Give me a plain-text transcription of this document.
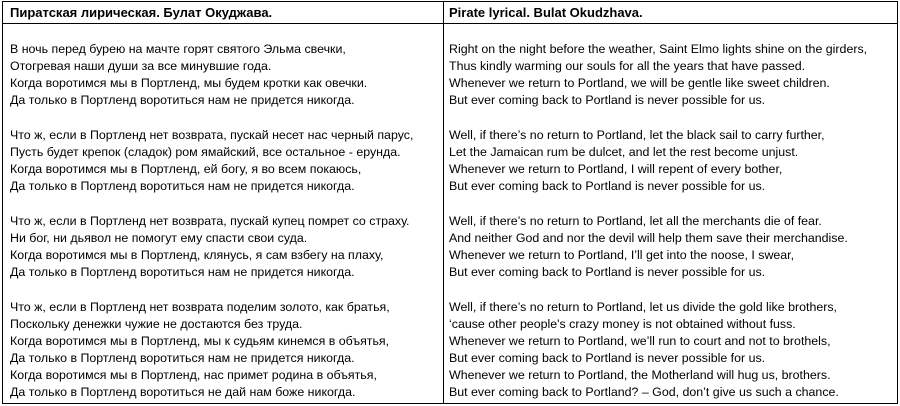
Пиратская лирическая. Булат Окуджава.
В ночь перед бурею на мачте горят святого Эльма свечки,
Отогревая наши души за все минувшие года.
Когда воротимся мы в Портленд, мы будем кротки как овечки.
Да только в Портленд воротиться нам не придется никогда.
Что ж, если в Портленд нет возврата, пускай несет нас черный парус,
Пусть будет крепок (сладок) ром ямайский, все остальное - ерунда.
Когда воротимся мы в Портленд, ей богу, я во всем покаюсь,
Да только в Портленд воротиться нам не придется никогда.
Что ж, если в Портленд нет возврата, пускай купец помрет со страху.
Ни бог, ни дьявол не помогут ему спасти свои суда.
Когда воротимся мы в Портленд, клянусь, я сам взбегу на плаху,
Да только в Портленд воротиться нам не придется никогда.
Что ж, если в Портленд нет возврата поделим золото, как братья,
Поскольку денежки чужие не достаются без труда.
Когда воротимся мы в Портленд, мы к судьям кинемся в объятья,
Да только в Портленд воротиться нам не придется никогда.
Когда воротимся мы в Портленд, нас примет родина в объятья,
Да только в Портленд воротиться не дай нам боже никогда.
Pirate lyrical. Bulat Okudzhava.
Right on the night before the weather, Saint Elmo lights shine on the girders,
Thus kindly warming our souls for all the years that have passed.
Whenever we return to Portland, we will be gentle like sweet children.
But ever coming back to Portland is never possible for us.
Well, if there’s no return to Portland, let the black sail to carry further,
Let the Jamaican rum be dulcet, and let the rest become unjust.
Whenever we return to Portland, I will repent of every bother,
But ever coming back to Portland is never possible for us.
Well, if there’s no return to Portland, let all the merchants die of fear.
And neither God and nor the devil will help them save their merchandise.
Whenever we return to Portland, I’ll get into the noose, I swear,
But ever coming back to Portland is never possible for us.
Well, if there’s no return to Portland, let us divide the gold like brothers,
‘cause other people's crazy money is not obtained without fuss.
Whenever we return to Portland, we’ll run to court and not to brothels,
But ever coming back to Portland is never possible for us.
Whenever we return to Portland, the Motherland will hug us, brothers.
But ever coming back to Portland? – God, don’t give us such a chance.
